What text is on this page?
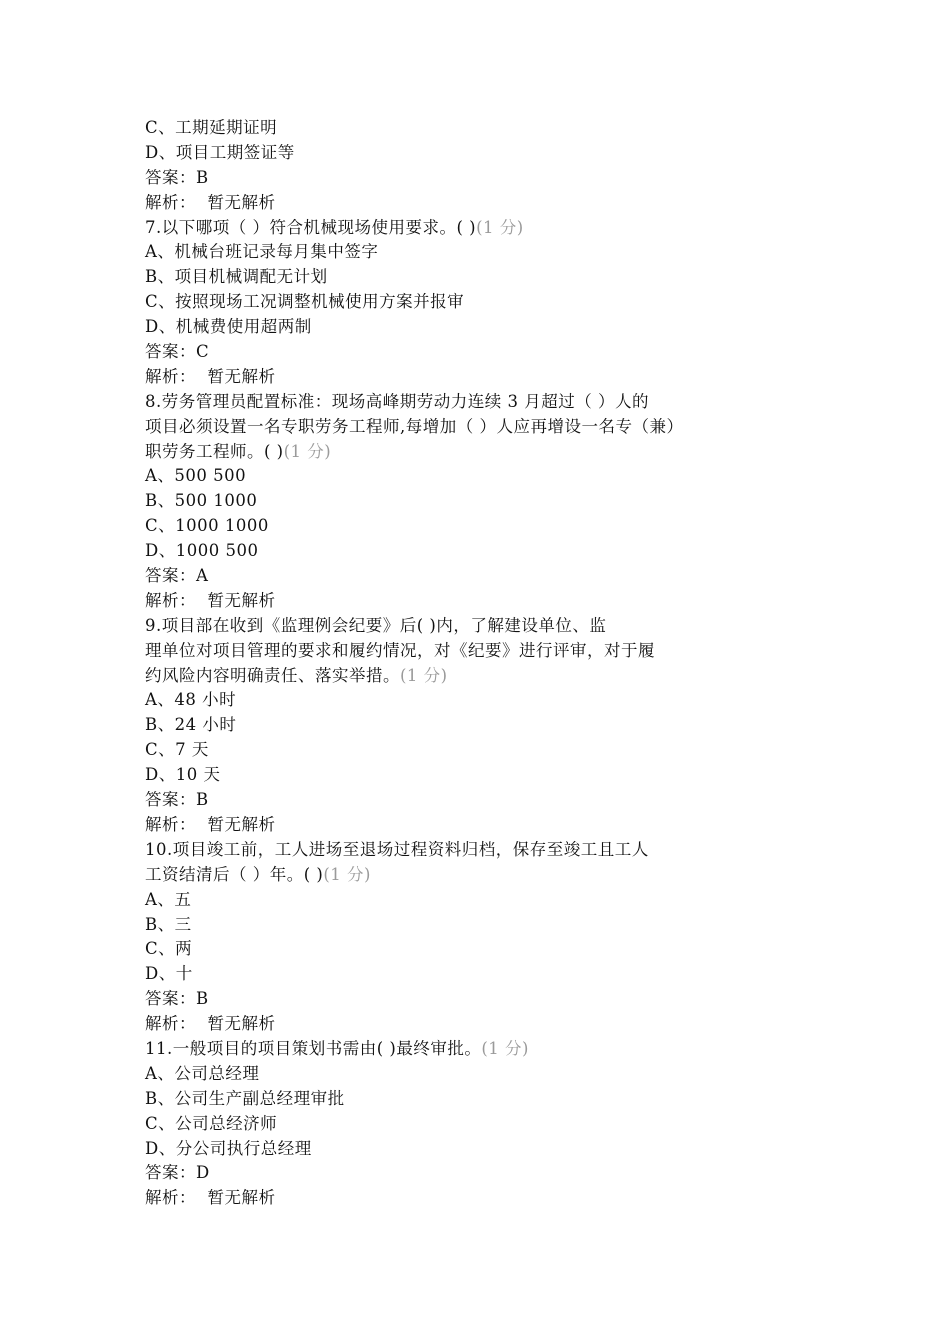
C、工期延期证明
D、项目工期签证等
答案：B
解析：  暂无解析
7.以下哪项（ ）符合机械现场使用要求。( )(1 分)
A、机械台班记录每月集中签字
B、项目机械调配无计划
C、按照现场工况调整机械使用方案并报审
D、机械费使用超两制
答案：C
解析：  暂无解析
8.劳务管理员配置标准：现场高峰期劳动力连续 3 月超过（ ）人的
项目必须设置一名专职劳务工程师,每增加（ ）人应再增设一名专（兼）
职劳务工程师。( )(1 分)
A、500 500
B、500 1000
C、1000 1000
D、1000 500
答案：A
解析：  暂无解析
9.项目部在收到《监理例会纪要》后( )内，了解建设单位、监
理单位对项目管理的要求和履约情况，对《纪要》进行评审，对于履
约风险内容明确责任、落实举措。(1 分)
A、48 小时
B、24 小时
C、7 天
D、10 天
答案：B
解析：  暂无解析
10.项目竣工前，工人进场至退场过程资料归档，保存至竣工且工人
工资结清后（ ）年。( )(1 分)
A、五
B、三
C、两
D、十
答案：B
解析：  暂无解析
11.一般项目的项目策划书需由( )最终审批。(1 分)
A、公司总经理
B、公司生产副总经理审批
C、公司总经济师
D、分公司执行总经理
答案：D
解析：  暂无解析
